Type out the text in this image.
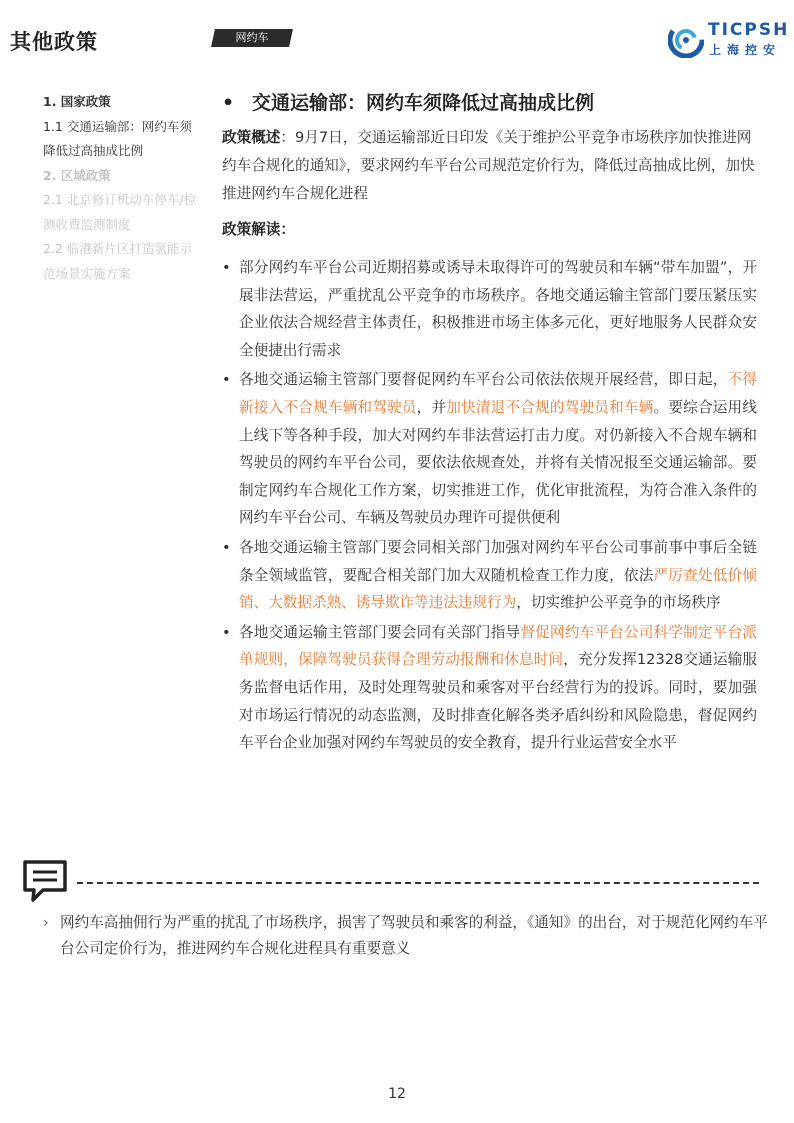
其他政策	网约车	TICPSH
上海控安
1. 国家政策
1.1 交通运输部：网约车须降低过高抽成比例
2. 区域政策
2.1 北京修订机动车停车/检测收费监测制度
2.2 临港新片区打造氢能示范场景实施方案
• 交通运输部：网约车须降低过高抽成比例
政策概述：9月7日，交通运输部近日印发《关于维护公平竞争市场秩序加快推进网约车合规化的通知》，要求网约车平台公司规范定价行为，降低过高抽成比例，加快推进网约车合规化进程
政策解读：
• 部分网约车平台公司近期招募或诱导未取得许可的驾驶员和车辆“带车加盟”，开展非法营运，严重扰乱公平竞争的市场秩序。各地交通运输主管部门要压紧压实企业依法合规经营主体责任，积极推进市场主体多元化，更好地服务人民群众安全便捷出行需求
• 各地交通运输主管部门要督促网约车平台公司依法依规开展经营，即日起，不得新接入不合规车辆和驾驶员，并加快清退不合规的驾驶员和车辆。要综合运用线上线下等各种手段，加大对网约车非法营运打击力度。对仍新接入不合规车辆和驾驶员的网约车平台公司，要依法依规查处，并将有关情况报至交通运输部。要制定网约车合规化工作方案，切实推进工作，优化审批流程，为符合准入条件的网约车平台公司、车辆及驾驶员办理许可提供便利
• 各地交通运输主管部门要会同相关部门加强对网约车平台公司事前事中事后全链条全领域监管，要配合相关部门加大双随机检查工作力度，依法严厉查处低价倾销、大数据杀熟、诱导欺诈等违法违规行为，切实维护公平竞争的市场秩序
• 各地交通运输主管部门要会同有关部门指导督促网约车平台公司科学制定平台派单规则，保障驾驶员获得合理劳动报酬和休息时间，充分发挥12328交通运输服务监督电话作用，及时处理驾驶员和乘客对平台经营行为的投诉。同时，要加强对市场运行情况的动态监测，及时排查化解各类矛盾纠纷和风险隐患，督促网约车平台企业加强对网约车驾驶员的安全教育，提升行业运营安全水平
› 网约车高抽佣行为严重的扰乱了市场秩序，损害了驾驶员和乘客的利益，《通知》的出台，对于规范化网约车平台公司定价行为，推进网约车合规化进程具有重要意义
12
